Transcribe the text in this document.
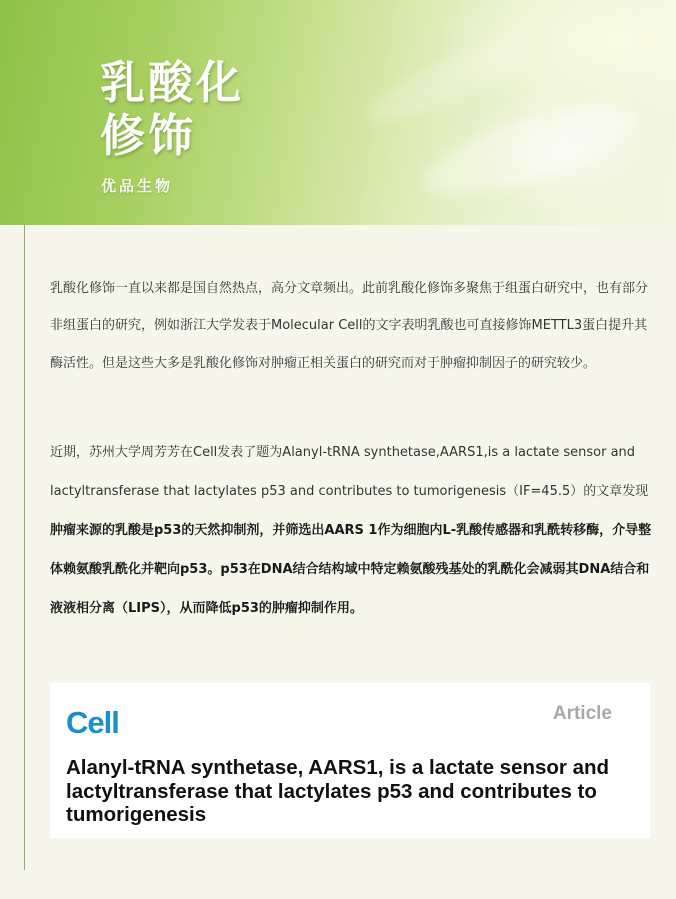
乳酸化
修饰
优品生物

乳酸化修饰一直以来都是国自然热点，高分文章频出。此前乳酸化修饰多聚焦于组蛋白研究中，也有部分非组蛋白的研究，例如浙江大学发表于Molecular Cell的文字表明乳酸也可直接修饰METTL3蛋白提升其酶活性。但是这些大多是乳酸化修饰对肿瘤正相关蛋白的研究而对于肿瘤抑制因子的研究较少。

近期，苏州大学周芳芳在Cell发表了题为Alanyl-tRNA synthetase,AARS1,is a lactate sensor and lactyltransferase that lactylates p53 and contributes to tumorigenesis（IF=45.5）的文章发现肿瘤来源的乳酸是p53的天然抑制剂，并筛选出AARS 1作为细胞内L-乳酸传感器和乳酰转移酶，介导整体赖氨酸乳酰化并靶向p53。p53在DNA结合结构域中特定赖氨酸残基处的乳酰化会减弱其DNA结合和液液相分离（LIPS），从而降低p53的肿瘤抑制作用。

Cell	Article

Alanyl-tRNA synthetase, AARS1, is a lactate sensor and lactyltransferase that lactylates p53 and contributes to tumorigenesis
